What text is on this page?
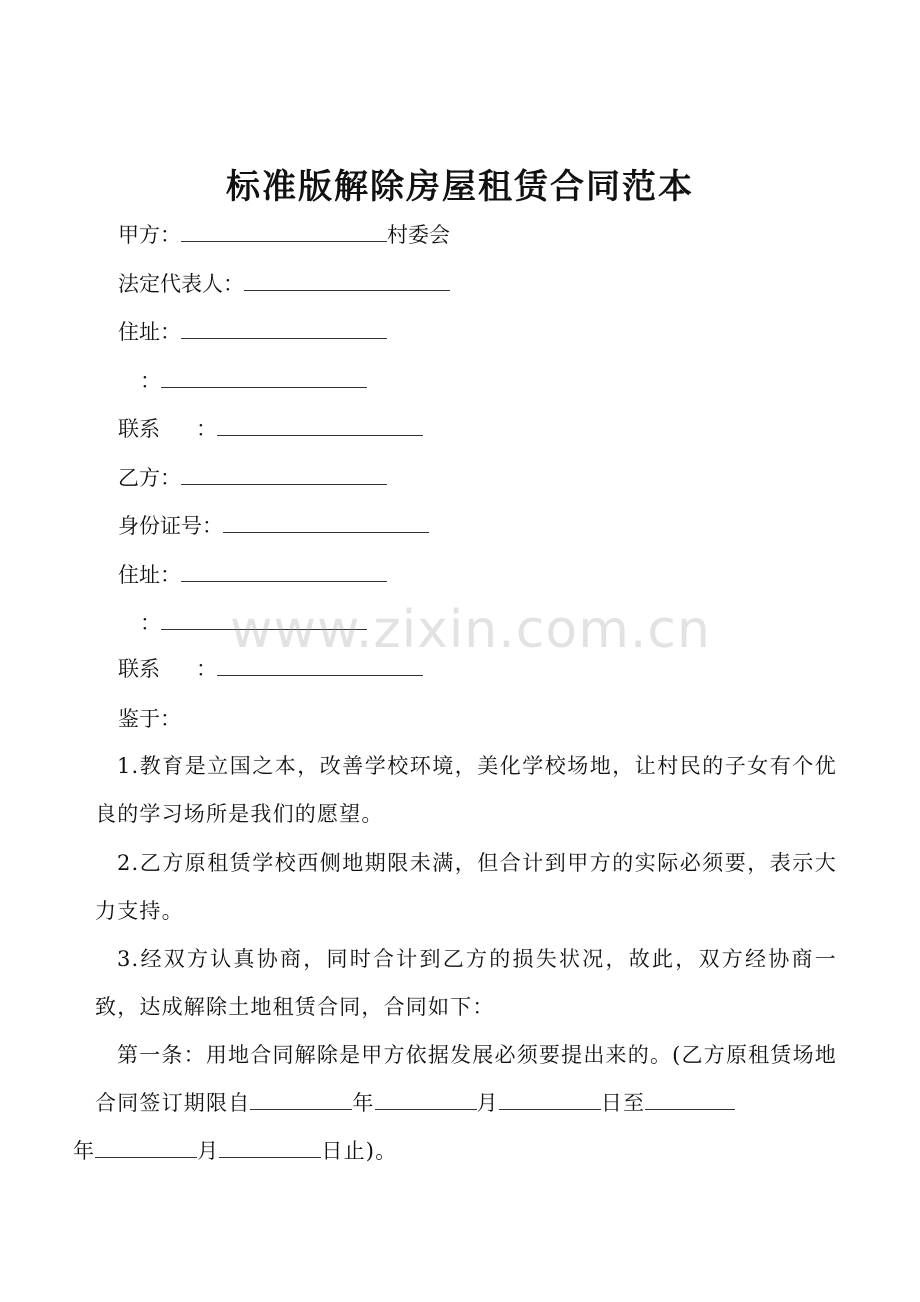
标准版解除房屋租赁合同范本
甲方：	村委会
法定代表人：
住址：
：
联系 ：
乙方：
身份证号：
住址：
：
联系 ：
鉴于：
1.教育是立国之本，改善学校环境，美化学校场地，让村民的子女有个优良的学习场所是我们的愿望。
2.乙方原租赁学校西侧地期限未满，但合计到甲方的实际必须要，表示大力支持。
3.经双方认真协商，同时合计到乙方的损失状况，故此，双方经协商一致，达成解除土地租赁合同，合同如下：
第一条：用地合同解除是甲方依据发展必须要提出来的。(乙方原租赁场地合同签订期限自	年	月	日至
年	月	日止)。
www.zixin.com.cn
